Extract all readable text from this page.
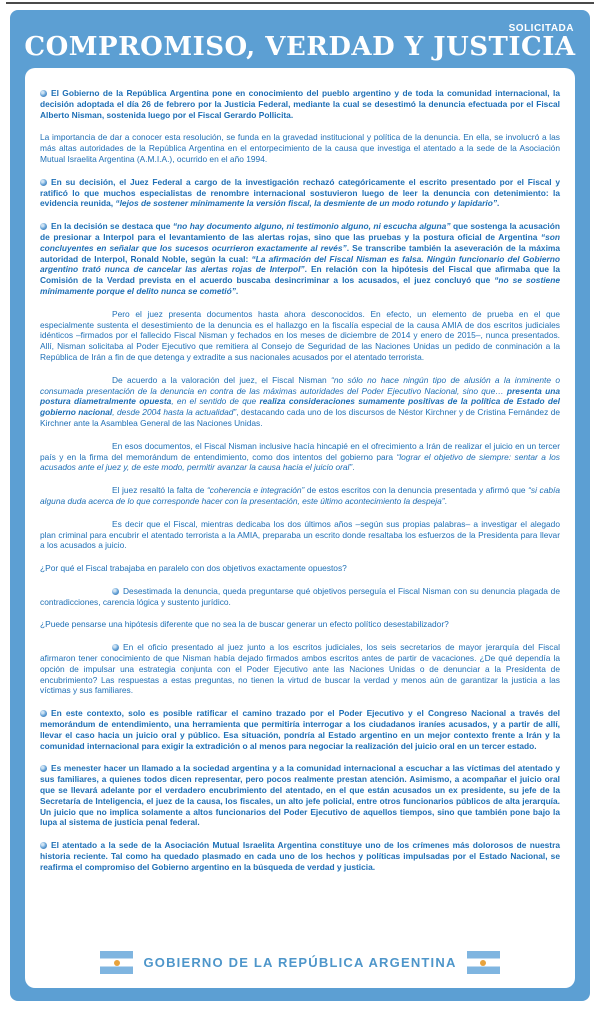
SOLICITADA
COMPROMISO, VERDAD Y JUSTICIA

El Gobierno de la República Argentina pone en conocimiento del pueblo argentino y de toda la comunidad internacional, la decisión adoptada el día 26 de febrero por la Justicia Federal, mediante la cual se desestimó la denuncia efectuada por el Fiscal Alberto Nisman, sostenida luego por el Fiscal Gerardo Pollicita.

La importancia de dar a conocer esta resolución, se funda en la gravedad institucional y política de la denuncia. En ella, se involucró a las más altas autoridades de la República Argentina en el entorpecimiento de la causa que investiga el atentado a la sede de la Asociación Mutual Israelita Argentina (A.M.I.A.), ocurrido en el año 1994.

En su decisión, el Juez Federal a cargo de la investigación rechazó categóricamente el escrito presentado por el Fiscal y ratificó lo que muchos especialistas de renombre internacional sostuvieron luego de leer la denuncia con detenimiento: la evidencia reunida, “lejos de sostener mínimamente la versión fiscal, la desmiente de un modo rotundo y lapidario”.

En la decisión se destaca que “no hay documento alguno, ni testimonio alguno, ni escucha alguna” que sostenga la acusación de presionar a Interpol para el levantamiento de las alertas rojas, sino que las pruebas y la postura oficial de Argentina “son concluyentes en señalar que los sucesos ocurrieron exactamente al revés”. Se transcribe también la aseveración de la máxima autoridad de Interpol, Ronald Noble, según la cual: “La afirmación del Fiscal Nisman es falsa. Ningún funcionario del Gobierno argentino trató nunca de cancelar las alertas rojas de Interpol”. En relación con la hipótesis del Fiscal que afirmaba que la Comisión de la Verdad prevista en el acuerdo buscaba desincriminar a los acusados, el juez concluyó que “no se sostiene mínimamente porque el delito nunca se cometió”.

Pero el juez presenta documentos hasta ahora desconocidos. En efecto, un elemento de prueba en el que especialmente sustenta el desestimiento de la denuncia es el hallazgo en la fiscalía especial de la causa AMIA de dos escritos judiciales idénticos –firmados por el fallecido Fiscal Nisman y fechados en los meses de diciembre de 2014 y enero de 2015–, nunca presentados. Allí, Nisman solicitaba al Poder Ejecutivo que remitiera al Consejo de Seguridad de las Naciones Unidas un pedido de conminación a la República de Irán a fin de que detenga y extradite a sus nacionales acusados por el atentado terrorista.

De acuerdo a la valoración del juez, el Fiscal Nisman “no sólo no hace ningún tipo de alusión a la inminente o consumada presentación de la denuncia en contra de las máximas autoridades del Poder Ejecutivo Nacional, sino que… presenta una postura diametralmente opuesta, en el sentido de que realiza consideraciones sumamente positivas de la política de Estado del gobierno nacional, desde 2004 hasta la actualidad”, destacando cada uno de los discursos de Néstor Kirchner y de Cristina Fernández de Kirchner ante la Asamblea General de las Naciones Unidas.

En esos documentos, el Fiscal Nisman inclusive hacía hincapié en el ofrecimiento a Irán de realizar el juicio en un tercer país y en la firma del memorándum de entendimiento, como dos intentos del gobierno para “lograr el objetivo de siempre: sentar a los acusados ante el juez y, de este modo, permitir avanzar la causa hacia el juicio oral”.

El juez resaltó la falta de “coherencia e integración” de estos escritos con la denuncia presentada y afirmó que “si cabía alguna duda acerca de lo que corresponde hacer con la presentación, este último acontecimiento la despeja”.

Es decir que el Fiscal, mientras dedicaba los dos últimos años –según sus propias palabras– a investigar el alegado plan criminal para encubrir el atentado terrorista a la AMIA, preparaba un escrito donde resaltaba los esfuerzos de la Presidenta para llevar a los acusados a juicio.

¿Por qué el Fiscal trabajaba en paralelo con dos objetivos exactamente opuestos?

Desestimada la denuncia, queda preguntarse qué objetivos perseguía el Fiscal Nisman con su denuncia plagada de contradicciones, carencia lógica y sustento jurídico.

¿Puede pensarse una hipótesis diferente que no sea la de buscar generar un efecto político desestabilizador?

En el oficio presentado al juez junto a los escritos judiciales, los seis secretarios de mayor jerarquía del Fiscal afirmaron tener conocimiento de que Nisman había dejado firmados ambos escritos antes de partir de vacaciones. ¿De qué dependía la opción de impulsar una estrategia conjunta con el Poder Ejecutivo ante las Naciones Unidas o de denunciar a la Presidenta de encubrimiento? Las respuestas a estas preguntas, no tienen la virtud de buscar la verdad y menos aún de garantizar la justicia a las víctimas y sus familiares.

En este contexto, solo es posible ratificar el camino trazado por el Poder Ejecutivo y el Congreso Nacional a través del memorándum de entendimiento, una herramienta que permitiría interrogar a los ciudadanos iraníes acusados, y a partir de allí, llevar el caso hacia un juicio oral y público. Esa situación, pondría al Estado argentino en un mejor contexto frente a Irán y la comunidad internacional para exigir la extradición o al menos para negociar la realización del juicio oral en un tercer estado.

Es menester hacer un llamado a la sociedad argentina y a la comunidad internacional a escuchar a las víctimas del atentado y sus familiares, a quienes todos dicen representar, pero pocos realmente prestan atención. Asimismo, a acompañar el juicio oral que se llevará adelante por el verdadero encubrimiento del atentado, en el que están acusados un ex presidente, su jefe de la Secretaría de Inteligencia, el juez de la causa, los fiscales, un alto jefe policial, entre otros funcionarios públicos de alta jerarquía. Un juicio que no implica solamente a altos funcionarios del Poder Ejecutivo de aquellos tiempos, sino que también pone bajo la lupa al sistema de justicia penal federal.

El atentado a la sede de la Asociación Mutual Israelita Argentina constituye uno de los crímenes más dolorosos de nuestra historia reciente. Tal como ha quedado plasmado en cada uno de los hechos y políticas impulsadas por el Estado Nacional, se reafirma el compromiso del Gobierno argentino en la búsqueda de verdad y justicia.

GOBIERNO DE LA REPÚBLICA ARGENTINA
